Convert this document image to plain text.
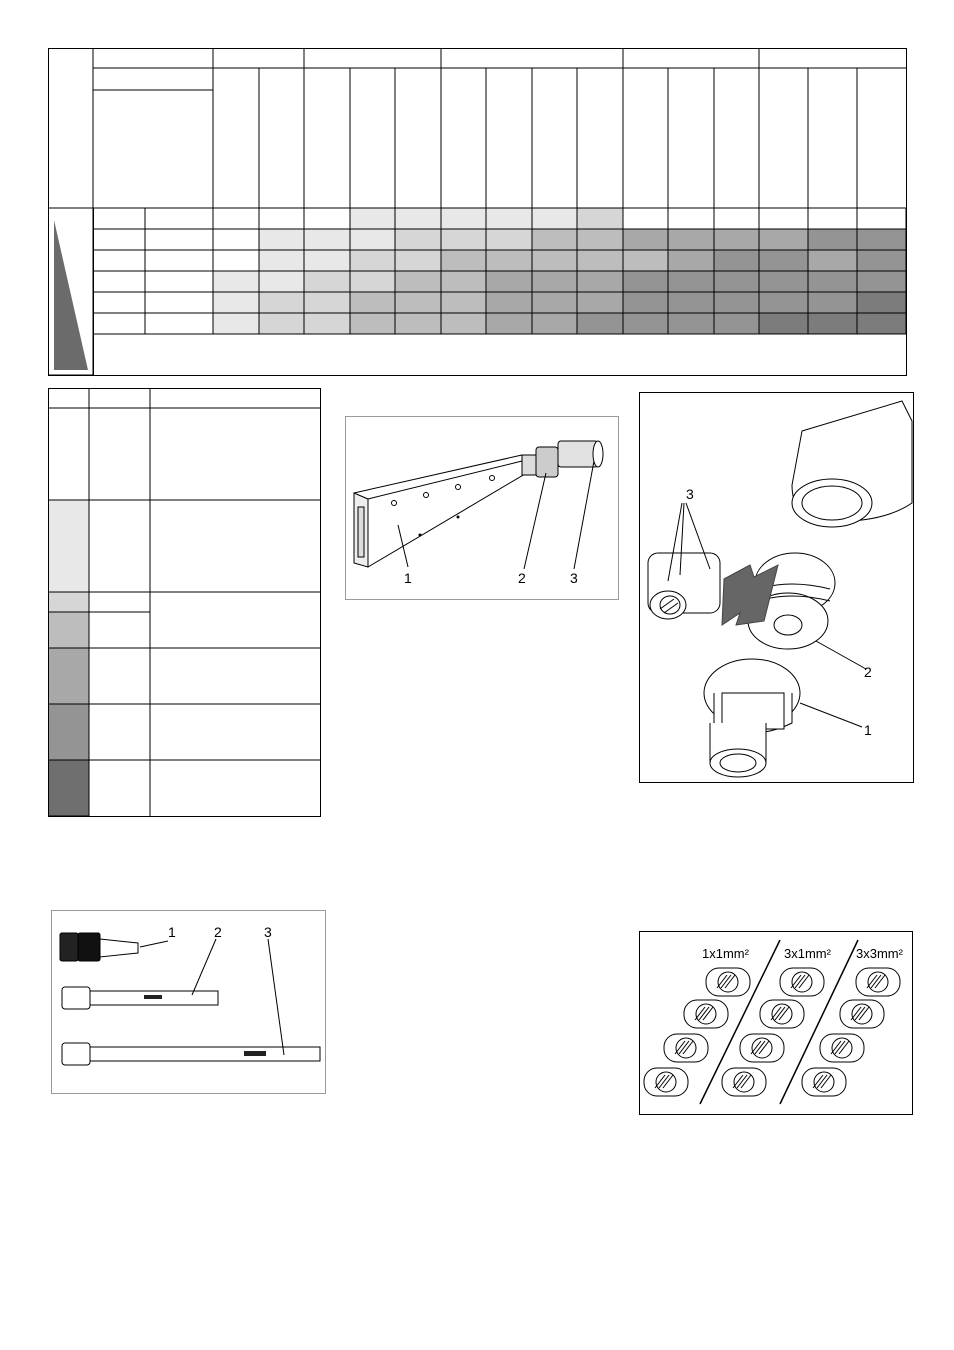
1	2	3
3
2
1
1	2	3
1x1mm²	3x1mm² 3x3mm²
